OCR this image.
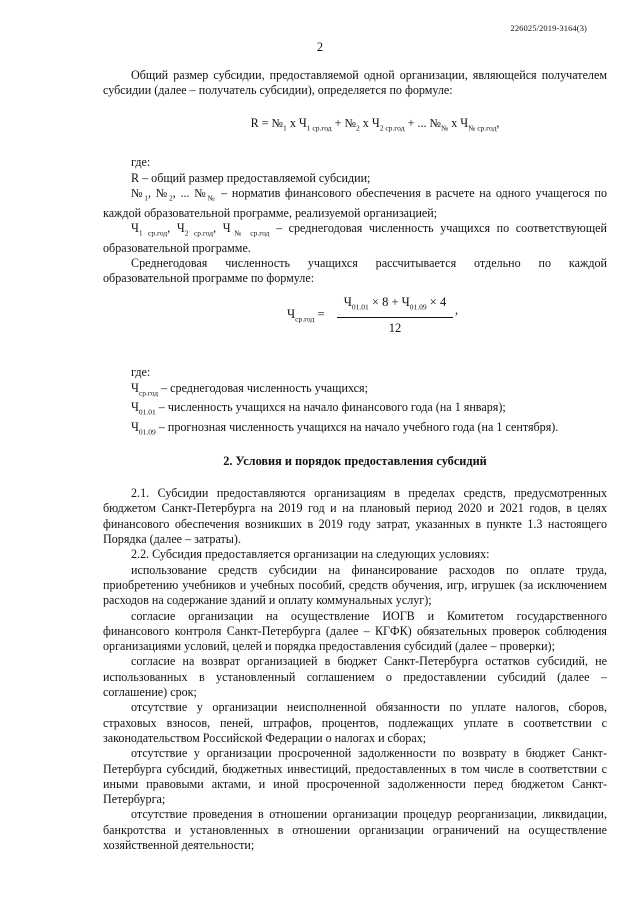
226025/2019-3164(3)
2

Общий размер субсидии, предоставляемой одной организации, являющейся получателем субсидии (далее – получатель субсидии), определяется по формуле:

$R = №_1$ х $Ч_{1 ср.год}$ + $№_2$ х $Ч_{2 ср.год}$ + ... $№_№$ х $Ч_{№ ср.год}$,

где:

R – общий размер предоставляемой субсидии;

$№_1$, $№_2$, ... $№_№$ – норматив финансового обеспечения в расчете на одного учащегося по каждой образовательной программе, реализуемой организацией;

$Ч_{1 ср.год}$, $Ч_{2 ср.год}$, $Ч_{№ ср.год}$ – среднегодовая численность учащихся по соответствующей образовательной программе.

Среднегодовая численность учащихся рассчитывается отдельно по каждой образовательной программе по формуле:

$Ч_{ср.год}$ =
$Ч_{01.01} \times 8 + Ч_{01.09} \times 4$
12
,

где:

$Ч_{ср.год}$ – среднегодовая численность учащихся;

$Ч_{01.01}$ – численность учащихся на начало финансового года (на 1 января);

$Ч_{01.09}$ – прогнозная численность учащихся на начало учебного года (на 1 сентября).

2. Условия и порядок предоставления субсидий

2.1. Субсидии предоставляются организациям в пределах средств, предусмотренных бюджетом Санкт-Петербурга на 2019 год и на плановый период 2020 и 2021 годов, в целях финансового обеспечения возникших в 2019 году затрат, указанных в пункте 1.3 настоящего Порядка (далее – затраты).

2.2. Субсидия предоставляется организации на следующих условиях:

использование средств субсидии на финансирование расходов по оплате труда, приобретению учебников и учебных пособий, средств обучения, игр, игрушек (за исключением расходов на содержание зданий и оплату коммунальных услуг);

согласие организации на осуществление ИОГВ и Комитетом государственного финансового контроля Санкт-Петербурга (далее – КГФК) обязательных проверок соблюдения организациями условий, целей и порядка предоставления субсидий (далее – проверки);

согласие на возврат организацией в бюджет Санкт-Петербурга остатков субсидий, не использованных в установленный соглашением о предоставлении субсидий (далее – соглашение) срок;

отсутствие у организации неисполненной обязанности по уплате налогов, сборов, страховых взносов, пеней, штрафов, процентов, подлежащих уплате в соответствии с законодательством Российской Федерации о налогах и сборах;

отсутствие у организации просроченной задолженности по возврату в бюджет Санкт-Петербурга субсидий, бюджетных инвестиций, предоставленных в том числе в соответствии с иными правовыми актами, и иной просроченной задолженности перед бюджетом Санкт-Петербурга;

отсутствие проведения в отношении организации процедур реорганизации, ликвидации, банкротства и установленных в отношении организации ограничений на осуществление хозяйственной деятельности;
